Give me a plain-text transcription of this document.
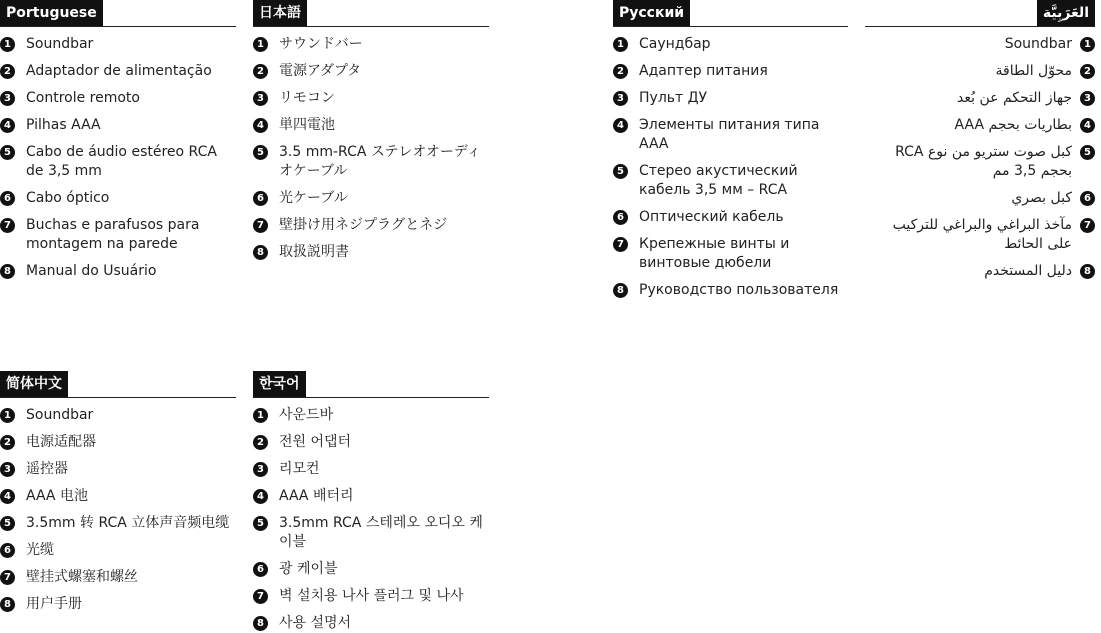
Portuguese
1 Soundbar
2 Adaptador de alimentação
3 Controle remoto
4 Pilhas AAA
5 Cabo de áudio estéreo RCA de 3,5 mm
6 Cabo óptico
7 Buchas e parafusos para montagem na parede
8 Manual do Usuário
日本語
1 サウンドバー
2 電源アダプタ
3 リモコン
4 単四電池
5 3.5 mm-RCA ステレオオーディオケーブル
6 光ケーブル
7 壁掛け用ネジプラグとネジ
8 取扱説明書
Русский
1 Саундбар
2 Адаптер питания
3 Пульт ДУ
4 Элементы питания типа AAA
5 Стерео акустический кабель 3,5 мм – RCA
6 Оптический кабель
7 Крепежные винты и винтовые дюбели
8 Руководство пользователя
العَرَبِيَّة
1
Soundbar
2
محوّل الطاقة
3
جهاز التحكم عن بُعد
4
بطاريات بحجم AAA
5
كبل صوت ستريو من نوع RCA بحجم 3,5 مم
6
كبل بصري
7
مآخذ البراغي والبراغي للتركيب على الحائط
8
دليل المستخدم
简体中文
1 Soundbar
2 电源适配器
3 遥控器
4 AAA 电池
5 3.5mm 转 RCA 立体声音频电缆
6 光缆
7 壁挂式螺塞和螺丝
8 用户手册
한국어
1 사운드바
2 전원 어댑터
3 리모컨
4 AAA 배터리
5 3.5mm RCA 스테레오 오디오 케이블
6 광 케이블
7 벽 설치용 나사 플러그 및 나사
8 사용 설명서
